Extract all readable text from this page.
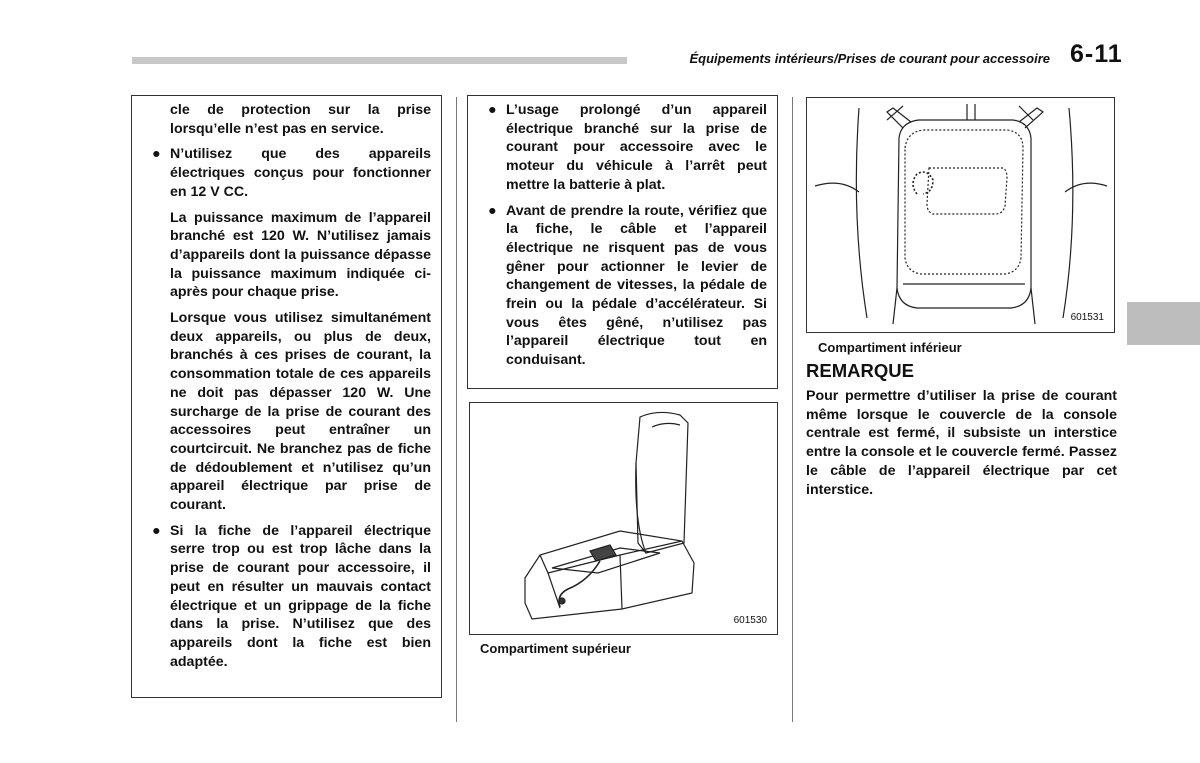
Équipements intérieurs/Prises de courant pour accessoire 6-11

cle de protection sur la prise lorsqu’elle n’est pas en service.

● N’utilisez que des appareils électriques conçus pour fonctionner en 12 V CC.

La puissance maximum de l’appareil branché est 120 W. N’utilisez jamais d’appareils dont la puissance dépasse la puissance maximum indiquée ci-après pour chaque prise.

Lorsque vous utilisez simultanément deux appareils, ou plus de deux, branchés à ces prises de courant, la consommation totale de ces appareils ne doit pas dépasser 120 W. Une surcharge de la prise de courant des accessoires peut entraîner un courtcircuit. Ne branchez pas de fiche de dédoublement et n’utilisez qu’un appareil électrique par prise de courant.

● Si la fiche de l’appareil électrique serre trop ou est trop lâche dans la prise de courant pour accessoire, il peut en résulter un mauvais contact électrique et un grippage de la fiche dans la prise. N’utilisez que des appareils dont la fiche est bien adaptée.
● L’usage prolongé d’un appareil électrique branché sur la prise de courant pour accessoire avec le moteur du véhicule à l’arrêt peut mettre la batterie à plat.
● Avant de prendre la route, vérifiez que la fiche, le câble et l’appareil électrique ne risquent pas de vous gêner pour actionner le levier de changement de vitesses, la pédale de frein ou la pédale d’accélérateur. Si vous êtes gêné, n’utilisez pas l’appareil électrique tout en conduisant.
601530
Compartiment supérieur
601531
Compartiment inférieur
REMARQUE

Pour permettre d’utiliser la prise de courant même lorsque le couvercle de la console centrale est fermé, il subsiste un interstice entre la console et le couvercle fermé. Passez le câble de l’appareil électrique par cet interstice.
